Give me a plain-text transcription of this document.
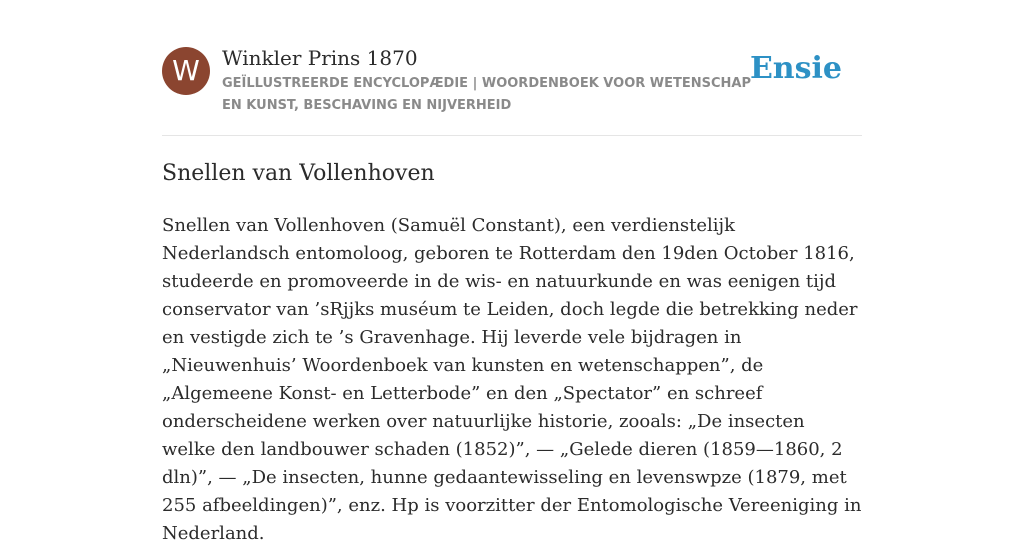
W	Winkler Prins 1870
GEÏLLUSTREERDE ENCYCLOPÆDIE | WOORDENBOEK VOOR WETENSCHAP EN KUNST, BESCHAVING EN NIJVERHEID
Ensie
Snellen van Vollenhoven

Snellen van Vollenhoven (Samuël Constant), een verdienstelijk Nederlandsch entomoloog, geboren te Rotterdam den 19den October 1816, studeerde en promoveerde in de wis- en natuurkunde en was eenigen tijd conservator van ’sRjjks muséum te Leiden, doch legde die betrekking neder en vestigde zich te ’s Gravenhage. Hij leverde vele bijdragen in „Nieuwenhuis’ Woordenboek van kunsten en wetenschappen”, de „Algemeene Konst- en Letterbode” en den „Spectator” en schreef onderscheidene werken over natuurlijke historie, zooals: „De insecten welke den landbouwer schaden (1852)”, — „Gelede dieren (1859—1860, 2 dln)”, — „De insecten, hunne gedaantewisseling en levenswpze (1879, met 255 afbeeldingen)”, enz. Hp is voorzitter der Entomologische Vereeniging in Nederland.
